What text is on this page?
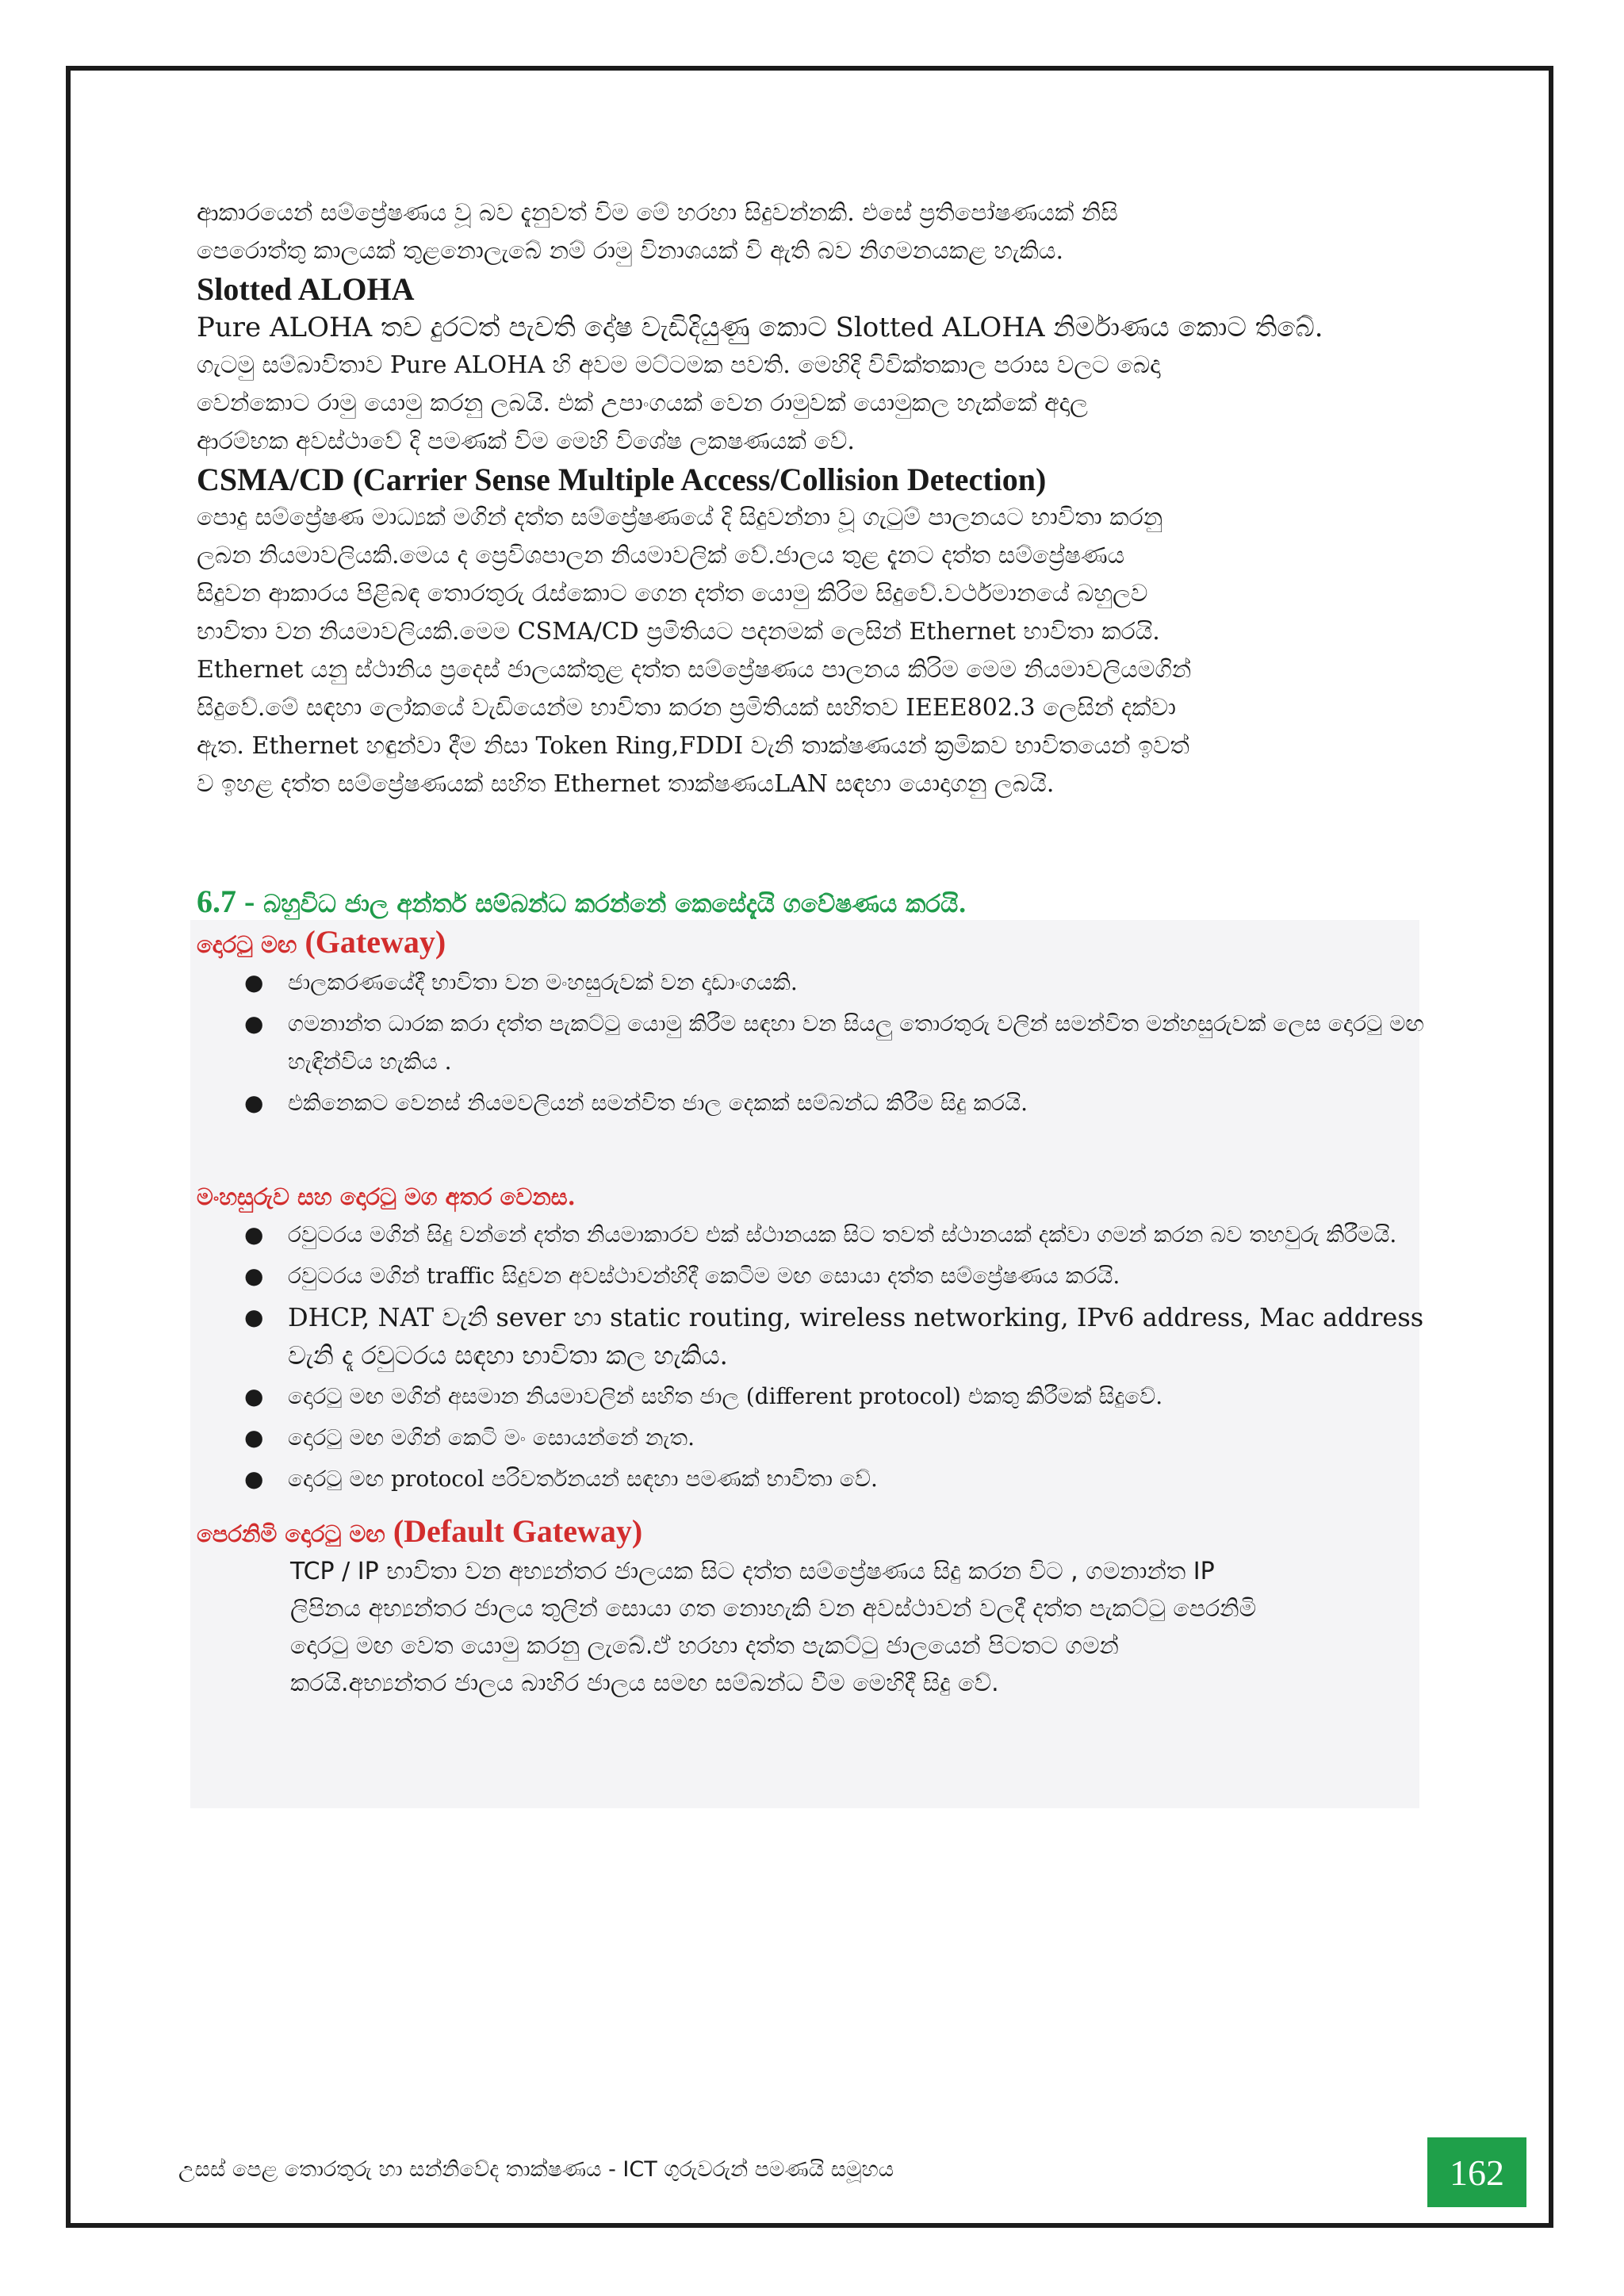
ආකාරයෙන් සම්ප්‍රේෂණය වූ බව දැනුවත් විම මේ හරහා සිදුවන්නකි. එසේ ප්‍රතිපෝෂණයක් නිසි

පෙරොත්තු කාලයක් තුළනොලැබේ නම් රාමු විනාශයක් වි ඇති බව නිගමනයකළ හැකිය.

Slotted ALOHA

Pure ALOHA තව දුරටත් පැවති දෝෂ වැඩිදියුණු කොට Slotted ALOHA නිර්මාණය කොට තිබේ.

ගැටමු සම්බාවිතාව Pure ALOHA හි අවම මට්ටමක පවති. මෙහිදි විවික්තකාල පරාස වලට බෙදා

වෙන්කොට රාමු යොමු කරනු ලබයි. එක් උපාංගයක් වෙන රාමුවක් යොමුකල හැක්කේ අදාල

ආරම්භක අවස්ථාවේ දි පමණක් විම මෙහි විශේෂ ලකෂණයක් වේ.

CSMA/CD (Carrier Sense Multiple Access/Collision Detection)

පොදු සම්ප්‍රේෂණ මාධ්‍යක් මගින් දත්ත සම්ප්‍රේෂණයේ දි සිදුවන්නා වූ ගැටුම් පාලනයට භාවිතා කරනු

ලබන නියමාවලියකි.මෙය ද ප්‍රෙවිශපාලන නියමාවලික් වේ.ජාලය තුළ දැනට දත්ත සම්ප්‍රේෂණය

සිදුවන ආකාරය පිළිබඳ තොරතුරු රැස්කොට ගෙන දත්ත යොමු කිරිම සිදුවේ.වර්ථමානයේ බහුලව

භාවිතා වන නියමාවලියකි.මෙම CSMA/CD ප්‍රමිතියට පදනමක් ලෙසින් Ethernet භාවිතා කරයි.

Ethernet යනු ස්ථානිය ප්‍රදෙස් ජාලයක්තුළ දත්ත සම්ප්‍රේෂණය පාලනය කිරිම මෙම නියමාවලියමගින්

සිදුවේ.මේ සඳහා ලෝකයේ වැඩියෙන්ම භාවිතා කරන ප්‍රමිතියක් සහිතව IEEE802.3 ලෙසින් දක්වා

ඇත. Ethernet හඳුන්වා දීම නිසා Token Ring,FDDI වැනි තාක්ෂණයන් ක්‍රමිකව භාවිතයෙන් ඉවත්

ව ඉහළ දත්ත සම්ප්‍රේෂණයක් සහිත Ethernet තාක්ෂණයLAN සඳහා යොදාගනු ලබයි.

6.7 - බහුවිධ ජාල අන්තර් සම්බන්ධ කරන්නේ කෙසේදැයි ගවේෂණය කරයි.

දොරටු මඟ (Gateway)

● ජාලකරණයේදී භාවිතා වන මංහසුරුවක් වන දෘඩාංගයකි.
● ගමනාන්ත ධාරක කරා දත්ත පැකට්ටු යොමු කිරීම සඳහා වන සියලු තොරතුරු වලින් සමන්විත මන්හසුරුවක් ලෙස දොරටු මඟ හැඳින්විය හැකිය .
● එකිනෙකට වෙනස් නියමවලියන් සමන්විත ජාල දෙකක් සම්බන්ධ කිරීම සිදු කරයි.

මංහසුරුව සහ දොරටු මග අතර වෙනස.

● රවුටරය මගින් සිදු වන්නේ දත්ත නියමාකාරව එක් ස්ථානයක සිට තවත් ස්ථානයක් දක්වා ගමන් කරන බව තහවුරු කිරීමයි.
● රවුටරය මගින් traffic සිදුවන අවස්ථාවන්හිදී කෙටිම මඟ සොයා දත්ත සම්ප්‍රේෂණය කරයි.
● DHCP, NAT වැනි sever හා static routing, wireless networking, IPv6 address, Mac address වැනි දෑ රවුටරය සඳහා භාවිතා කල හැකිය.
● දොරටු මඟ මගින් අසමාන නියමාවලින් සහිත ජාල (different protocol) එකතු කිරීමක් සිදුවේ.
● දොරටු මඟ මගින් කෙටි මං සොයන්නේ නැත.
● දොරටු මඟ protocol පරිවර්තනයන් සඳහා පමණක් භාවිතා වේ.

පෙරනිමි දොරටු මඟ (Default Gateway)

TCP / IP භාවිතා වන අභ්‍යන්තර ජාලයක සිට දත්ත සම්ප්‍රේෂණය සිදු කරන විට , ගමනාන්ත IP

ලිපිනය අභ්‍යන්තර ජාලය තුලින් සොයා ගත නොහැකි වන අවස්ථාවන් වලදී දත්ත පැකට්ටු පෙරනිමි

දොරටු මඟ වෙත යොමු කරනු ලැබේ.ඒ හරහා දත්ත පැකට්ටු ජාලයෙන් පිටතට ගමන්

කරයි.අභ්‍යන්තර ජාලය බාහිර ජාලය සමඟ සම්බන්ධ වීම මෙහිදී සිදු වේ.

උසස් පෙළ තොරතුරු හා සන්නිවේද තාක්ෂණය - ICT ගුරුවරුන් පමණයි සමූහය	162
